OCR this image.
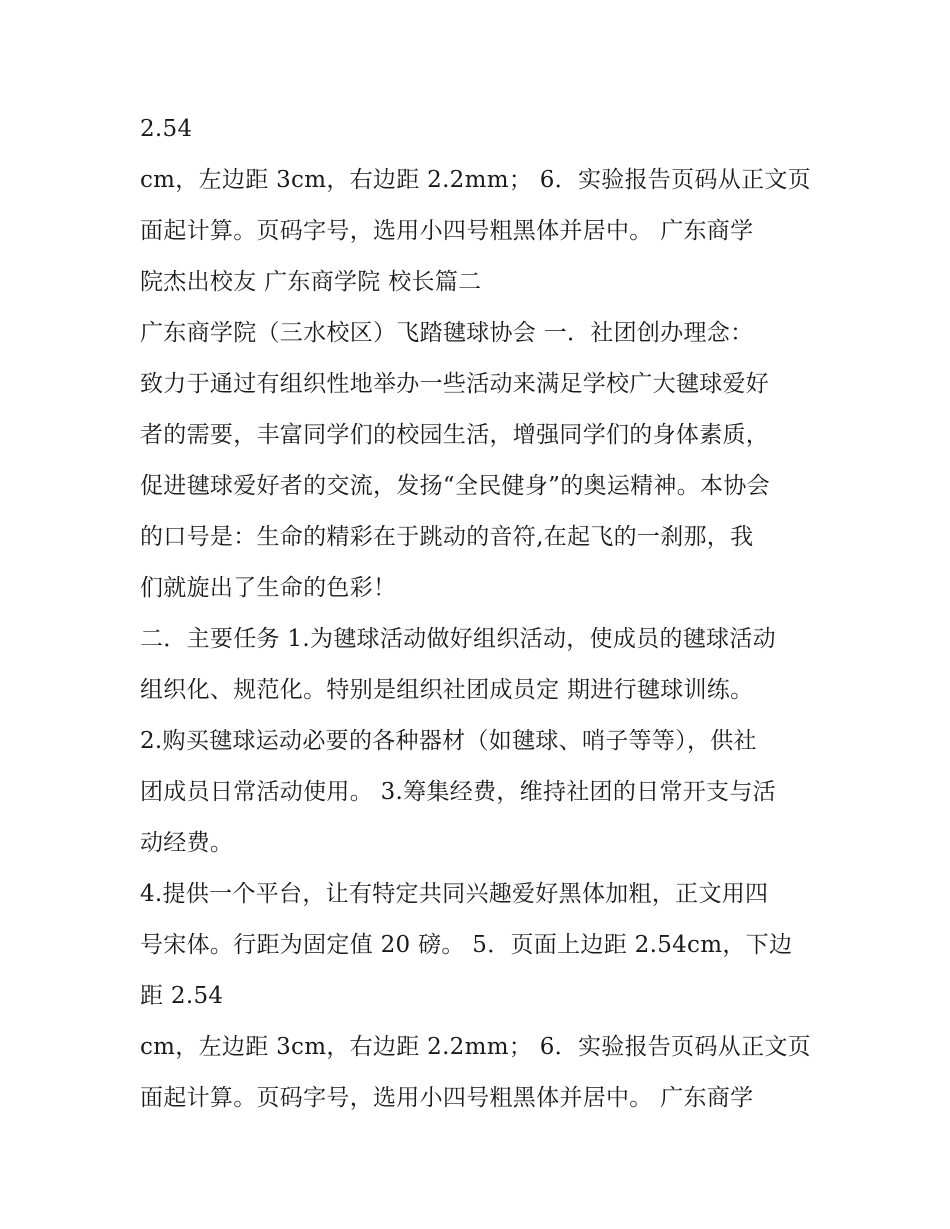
2.54
cm，左边距 3cm，右边距 2.2mm； 6．实验报告页码从正文页
面起计算。页码字号，选用小四号粗黑体并居中。 广东商学
院杰出校友 广东商学院 校长篇二
广东商学院（三水校区）飞踏毽球协会 一．社团创办理念：
致力于通过有组织性地举办一些活动来满足学校广大毽球爱好
者的需要，丰富同学们的校园生活，增强同学们的身体素质，
促进毽球爱好者的交流，发扬“全民健身”的奥运精神。本协会
的口号是：生命的精彩在于跳动的音符,在起飞的一刹那，我
们就旋出了生命的色彩！
二．主要任务 1.为毽球活动做好组织活动，使成员的毽球活动
组织化、规范化。特别是组织社团成员定 期进行毽球训练。
2.购买毽球运动必要的各种器材（如毽球、哨子等等），供社
团成员日常活动使用。 3.筹集经费，维持社团的日常开支与活
动经费。
4.提供一个平台，让有特定共同兴趣爱好黑体加粗，正文用四
号宋体。行距为固定值 20 磅。 5．页面上边距 2.54cm，下边
距 2.54
cm，左边距 3cm，右边距 2.2mm； 6．实验报告页码从正文页
面起计算。页码字号，选用小四号粗黑体并居中。 广东商学
